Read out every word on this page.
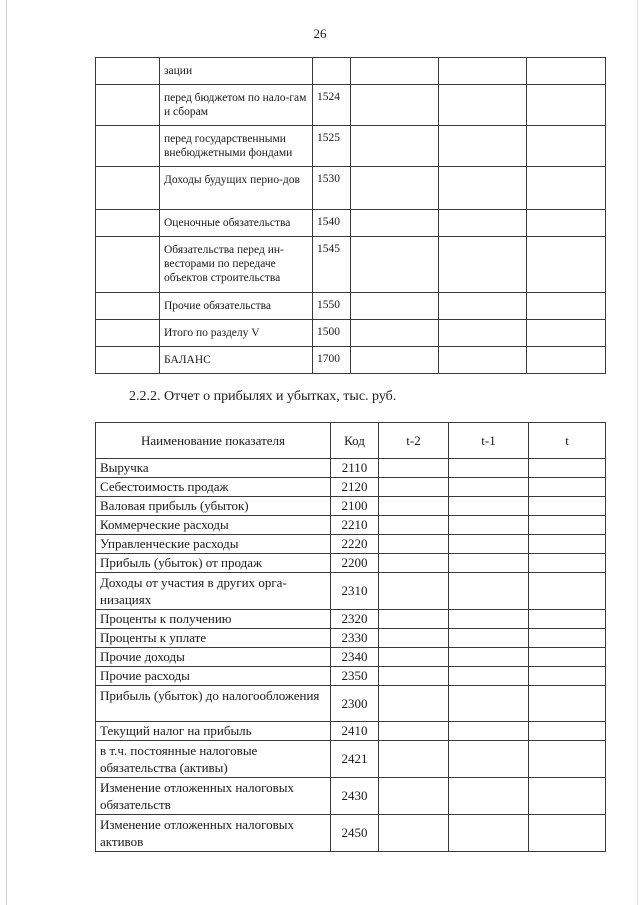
26
	зации				
	перед бюджетом по нало-гам и сборам	1524			
	перед государственными внебюджетными фондами	1525			
	Доходы будущих перио-дов	1530			
	Оценочные обязательства	1540			
	Обязательства перед ин-весторами по передаче объектов строительства	1545			
	Прочие обязательства	1550			
	Итого по разделу V	1500			
	БАЛАНС	1700			
2.2.2. Отчет о прибылях и убытках, тыс. руб.
Наименование показателя	Код	t-2	t-1	t
Выручка	2110			
Себестоимость продаж	2120			
Валовая прибыль (убыток)	2100			
Коммерческие расходы	2210			
Управленческие расходы	2220			
Прибыль (убыток) от продаж	2200			
Доходы от участия в других орга-низациях	2310			
Проценты к получению	2320			
Проценты к уплате	2330			
Прочие доходы	2340			
Прочие расходы	2350			
Прибыль (убыток) до налогообложения	2300			
Текущий налог на прибыль	2410			
в т.ч. постоянные налоговые обязательства (активы)	2421			
Изменение отложенных налоговых обязательств	2430			
Изменение отложенных налоговых активов	2450			
